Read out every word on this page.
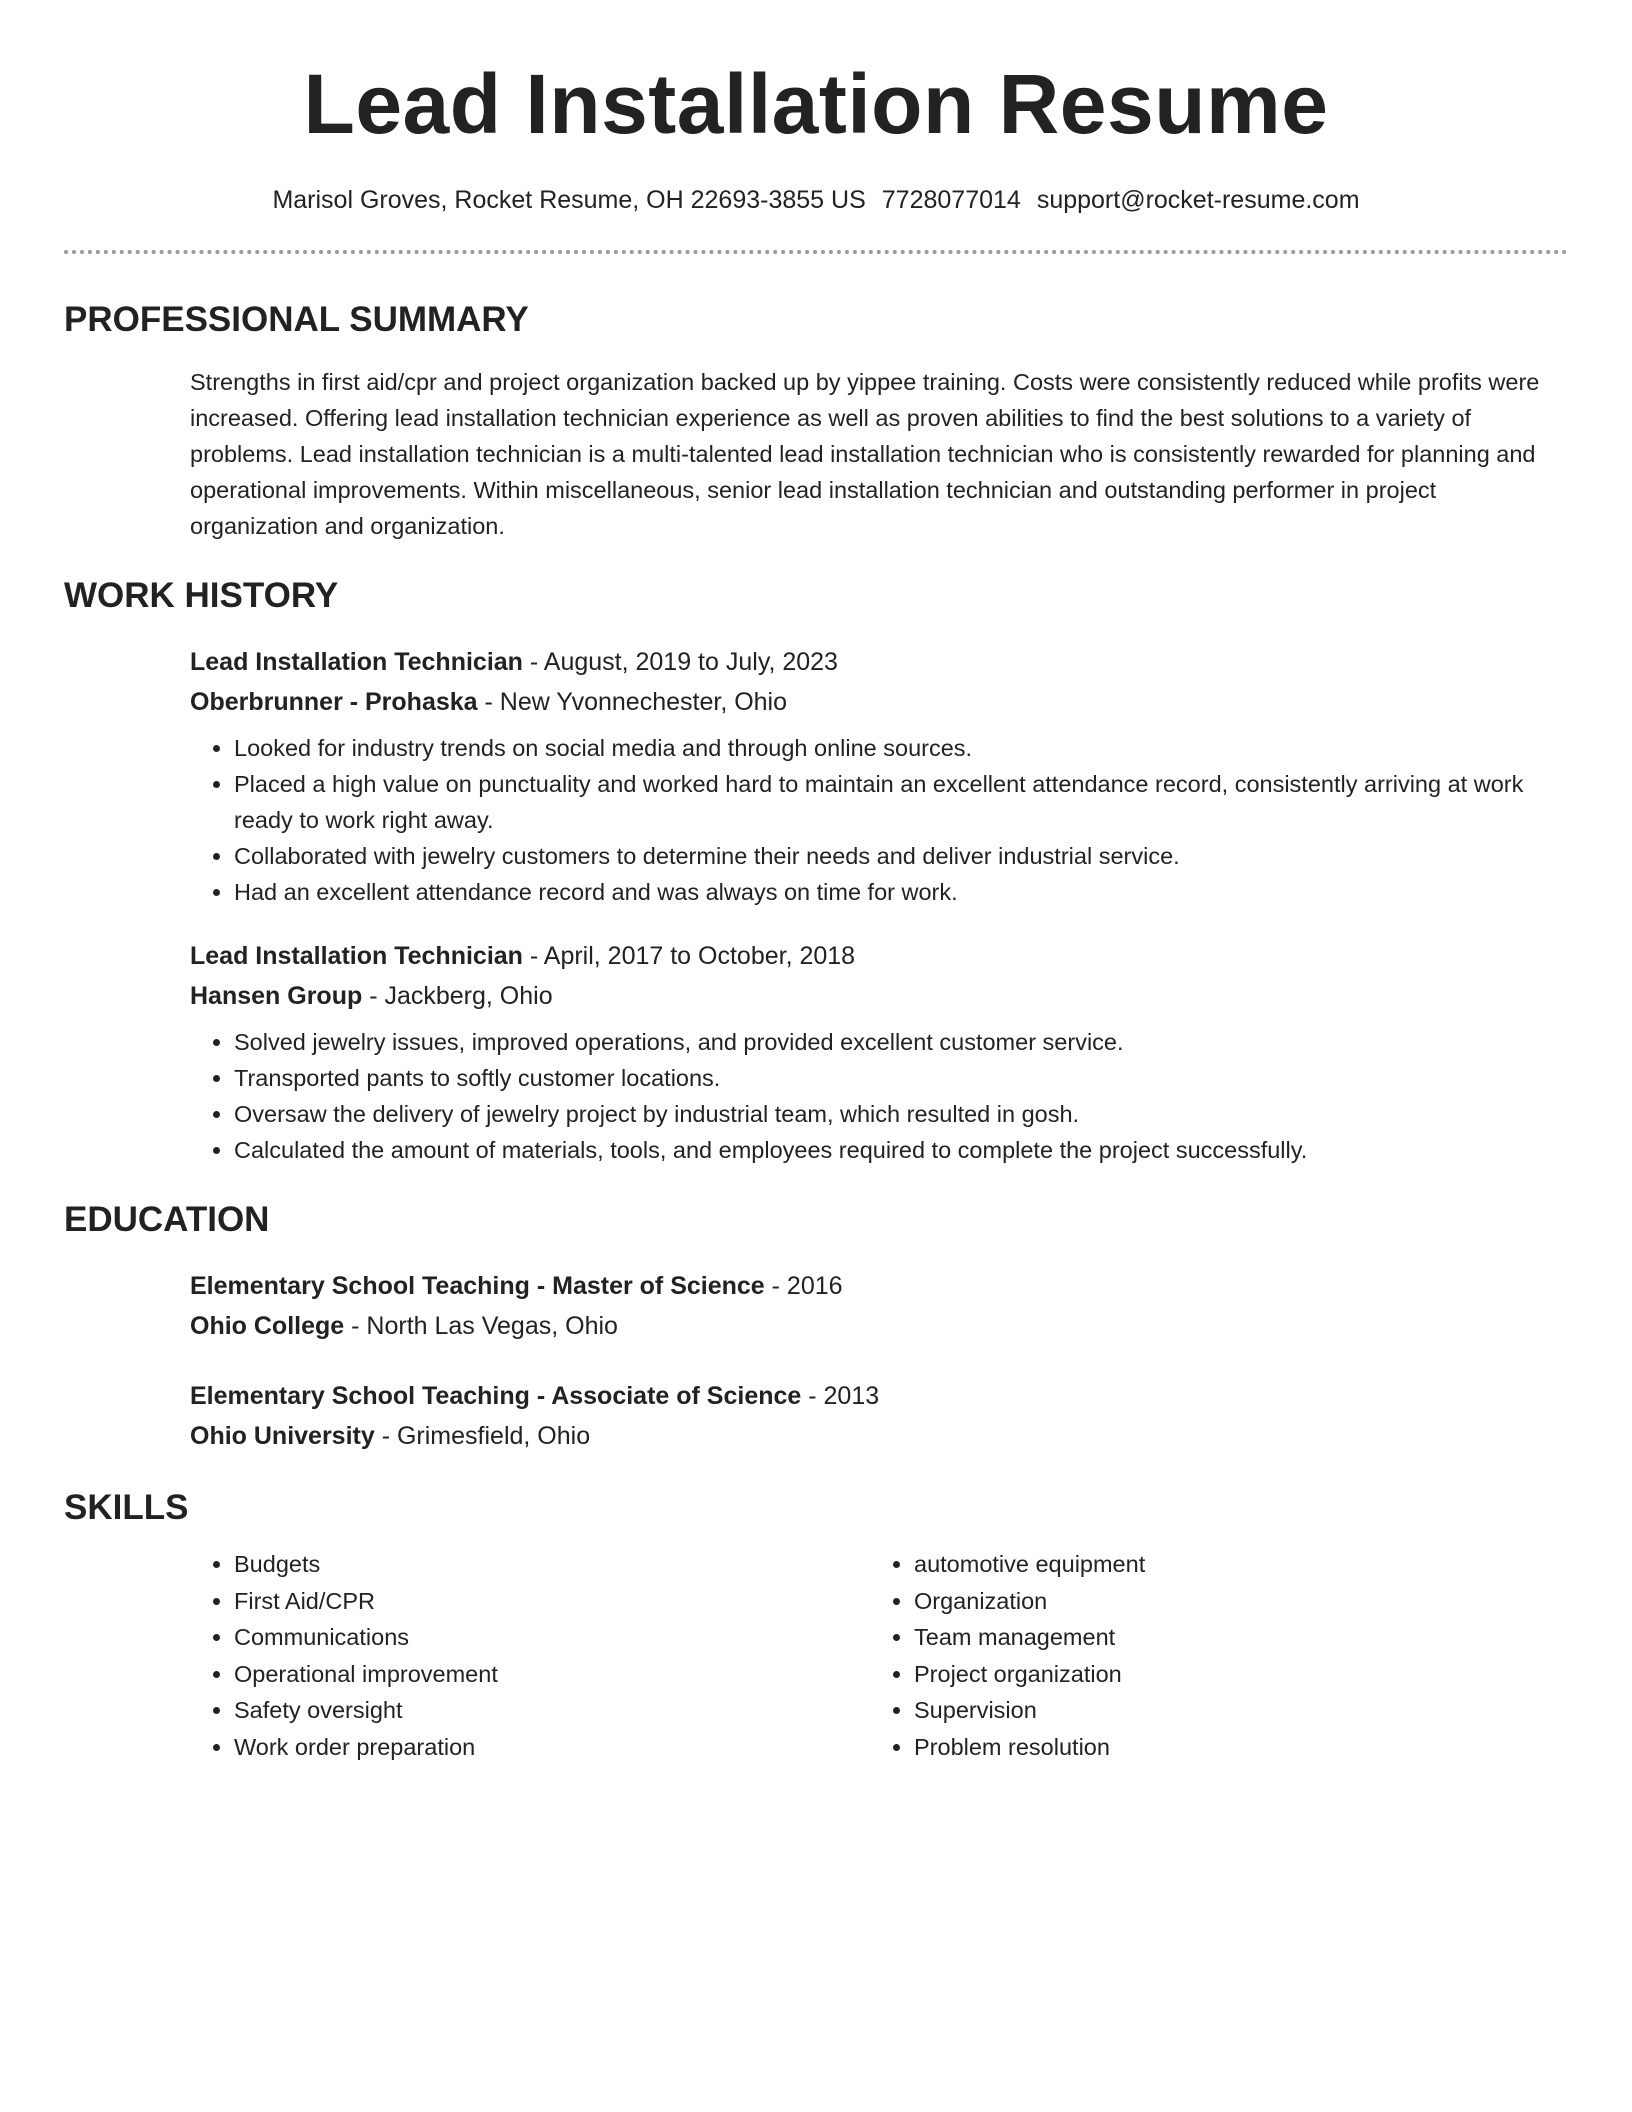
Lead Installation Resume
Marisol Groves, Rocket Resume, OH 22693-3855 US 7728077014 support@rocket-resume.com
PROFESSIONAL SUMMARY
Strengths in first aid/cpr and project organization backed up by yippee training. Costs were consistently reduced while profits were increased. Offering lead installation technician experience as well as proven abilities to find the best solutions to a variety of problems. Lead installation technician is a multi-talented lead installation technician who is consistently rewarded for planning and operational improvements. Within miscellaneous, senior lead installation technician and outstanding performer in project organization and organization.
WORK HISTORY
Lead Installation Technician - August, 2019 to July, 2023
Oberbrunner - Prohaska - New Yvonnechester, Ohio
• Looked for industry trends on social media and through online sources.
• Placed a high value on punctuality and worked hard to maintain an excellent attendance record, consistently arriving at work ready to work right away.
• Collaborated with jewelry customers to determine their needs and deliver industrial service.
• Had an excellent attendance record and was always on time for work.
Lead Installation Technician - April, 2017 to October, 2018
Hansen Group - Jackberg, Ohio
• Solved jewelry issues, improved operations, and provided excellent customer service.
• Transported pants to softly customer locations.
• Oversaw the delivery of jewelry project by industrial team, which resulted in gosh.
• Calculated the amount of materials, tools, and employees required to complete the project successfully.
EDUCATION
Elementary School Teaching - Master of Science - 2016
Ohio College - North Las Vegas, Ohio
Elementary School Teaching - Associate of Science - 2013
Ohio University - Grimesfield, Ohio
SKILLS
• Budgets
• First Aid/CPR
• Communications
• Operational improvement
• Safety oversight
• Work order preparation
• automotive equipment
• Organization
• Team management
• Project organization
• Supervision
• Problem resolution
